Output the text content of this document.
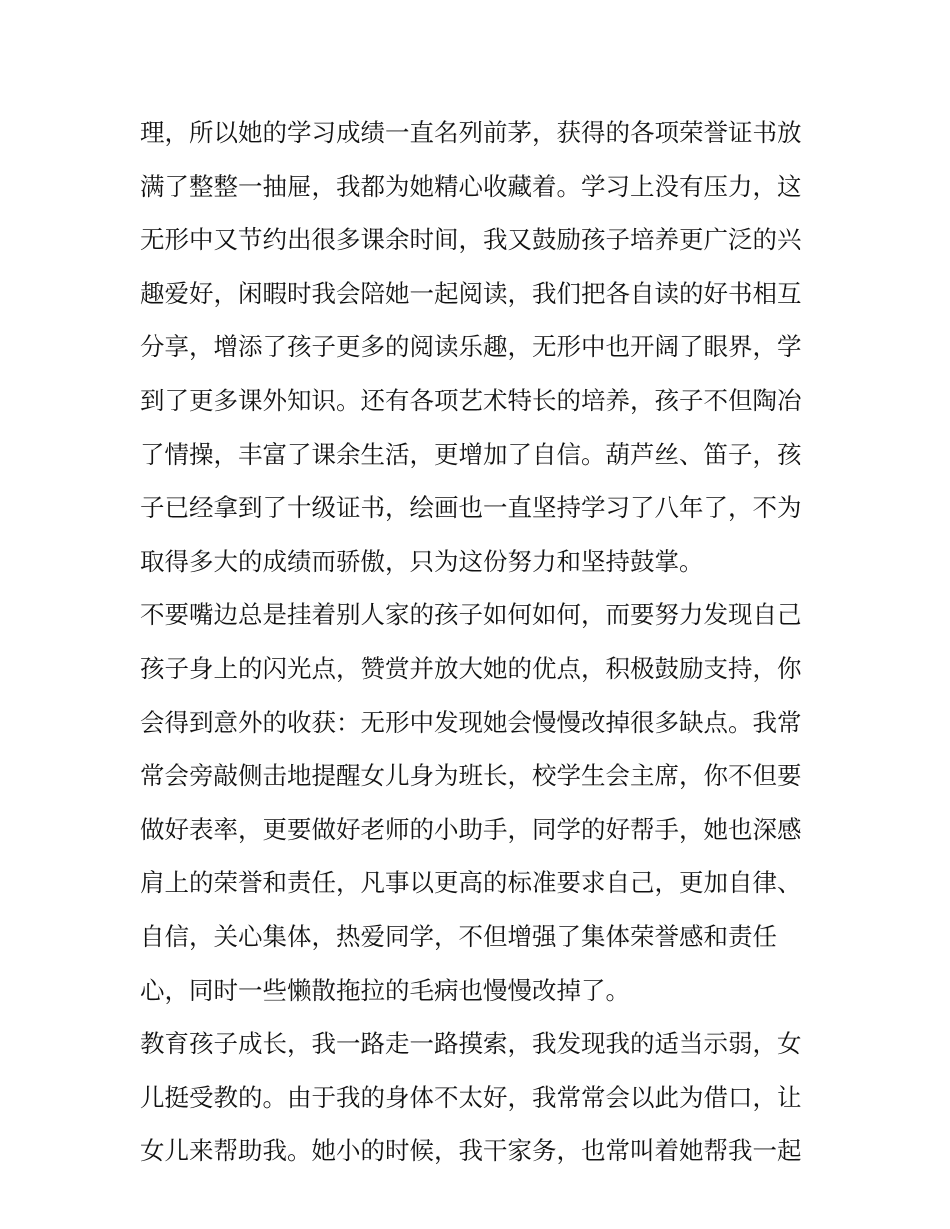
理，所以她的学习成绩一直名列前茅，获得的各项荣誉证书放
满了整整一抽屉，我都为她精心收藏着。学习上没有压力，这
无形中又节约出很多课余时间，我又鼓励孩子培养更广泛的兴
趣爱好，闲暇时我会陪她一起阅读，我们把各自读的好书相互
分享，增添了孩子更多的阅读乐趣，无形中也开阔了眼界，学
到了更多课外知识。还有各项艺术特长的培养，孩子不但陶冶
了情操，丰富了课余生活，更增加了自信。葫芦丝、笛子，孩
子已经拿到了十级证书，绘画也一直坚持学习了八年了，不为
取得多大的成绩而骄傲，只为这份努力和坚持鼓掌。
不要嘴边总是挂着别人家的孩子如何如何，而要努力发现自己
孩子身上的闪光点，赞赏并放大她的优点，积极鼓励支持，你
会得到意外的收获：无形中发现她会慢慢改掉很多缺点。我常
常会旁敲侧击地提醒女儿身为班长，校学生会主席，你不但要
做好表率，更要做好老师的小助手，同学的好帮手，她也深感
肩上的荣誉和责任，凡事以更高的标准要求自己，更加自律、
自信，关心集体，热爱同学，不但增强了集体荣誉感和责任
心，同时一些懒散拖拉的毛病也慢慢改掉了。
教育孩子成长，我一路走一路摸索，我发现我的适当示弱，女
儿挺受教的。由于我的身体不太好，我常常会以此为借口，让
女儿来帮助我。她小的时候，我干家务，也常叫着她帮我一起
